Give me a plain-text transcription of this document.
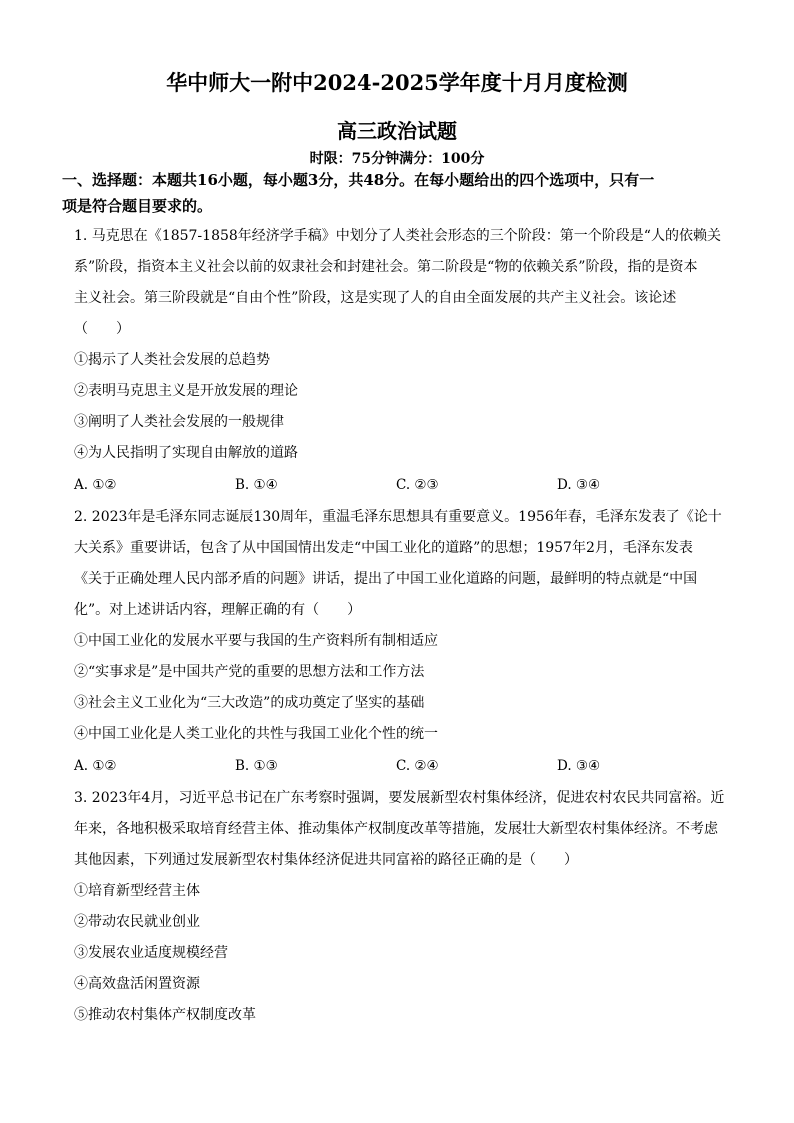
华中师大一附中2024-2025学年度十月月度检测
高三政治试题
时限：75分钟满分：100分
一、选择题：本题共16小题，每小题3分，共48分。在每小题给出的四个选项中，只有一
项是符合题目要求的。
1. 马克思在《1857-1858年经济学手稿》中划分了人类社会形态的三个阶段：第一个阶段是“人的依赖关
系”阶段，指资本主义社会以前的奴隶社会和封建社会。第二阶段是“物的依赖关系”阶段，指的是资本
主义社会。第三阶段就是“自由个性”阶段，这是实现了人的自由全面发展的共产主义社会。该论述
（　　）
①揭示了人类社会发展的总趋势
②表明马克思主义是开放发展的理论
③阐明了人类社会发展的一般规律
④为人民指明了实现自由解放的道路
A. ①②	B. ①④	C. ②③	D. ③④
2. 2023年是毛泽东同志诞辰130周年，重温毛泽东思想具有重要意义。1956年春，毛泽东发表了《论十
大关系》重要讲话，包含了从中国国情出发走“中国工业化的道路”的思想；1957年2月，毛泽东发表
《关于正确处理人民内部矛盾的问题》讲话，提出了中国工业化道路的问题，最鲜明的特点就是“中国
化”。对上述讲话内容，理解正确的有（　　）
①中国工业化的发展水平要与我国的生产资料所有制相适应
②“实事求是”是中国共产党的重要的思想方法和工作方法
③社会主义工业化为“三大改造”的成功奠定了坚实的基础
④中国工业化是人类工业化的共性与我国工业化个性的统一
A. ①②	B. ①③	C. ②④	D. ③④
3. 2023年4月，习近平总书记在广东考察时强调，要发展新型农村集体经济，促进农村农民共同富裕。近
年来，各地积极采取培育经营主体、推动集体产权制度改革等措施，发展壮大新型农村集体经济。不考虑
其他因素，下列通过发展新型农村集体经济促进共同富裕的路径正确的是（　　）
①培育新型经营主体
②带动农民就业创业
③发展农业适度规模经营
④高效盘活闲置资源
⑤推动农村集体产权制度改革
